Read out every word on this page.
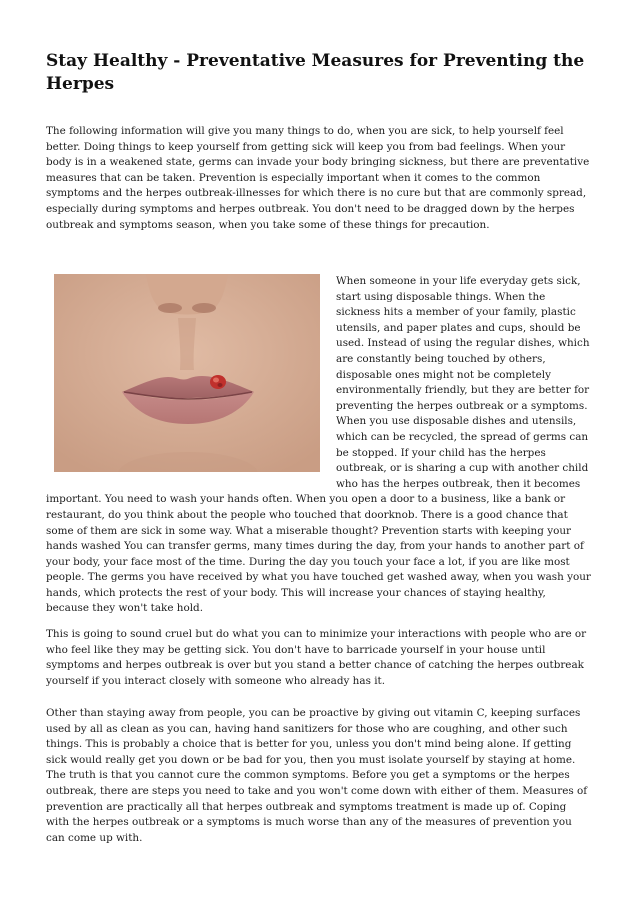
Stay Healthy - Preventative Measures for Preventing the Herpes

The following information will give you many things to do, when you are sick, to help yourself feel better. Doing things to keep yourself from getting sick will keep you from bad feelings. When your body is in a weakened state, germs can invade your body bringing sickness, but there are preventative measures that can be taken. Prevention is especially important when it comes to the common symptoms and the herpes outbreak-illnesses for which there is no cure but that are commonly spread, especially during symptoms and herpes outbreak. You don't need to be dragged down by the herpes outbreak and symptoms season, when you take some of these things for precaution.

When someone in your life everyday gets sick, start using disposable things. When the sickness hits a member of your family, plastic utensils, and paper plates and cups, should be used. Instead of using the regular dishes, which are constantly being touched by others, disposable ones might not be completely environmentally friendly, but they are better for preventing the herpes outbreak or a symptoms. When you use disposable dishes and utensils, which can be recycled, the spread of germs can be stopped. If your child has the herpes outbreak, or is sharing a cup with another child who has the herpes outbreak, then it becomes important. You need to wash your hands often. When you open a door to a business, like a bank or restaurant, do you think about the people who touched that doorknob. There is a good chance that some of them are sick in some way. What a miserable thought? Prevention starts with keeping your hands washed You can transfer germs, many times during the day, from your hands to another part of your body, your face most of the time. During the day you touch your face a lot, if you are like most people. The germs you have received by what you have touched get washed away, when you wash your hands, which protects the rest of your body. This will increase your chances of staying healthy, because they won't take hold.

This is going to sound cruel but do what you can to minimize your interactions with people who are or who feel like they may be getting sick. You don't have to barricade yourself in your house until symptoms and herpes outbreak is over but you stand a better chance of catching the herpes outbreak yourself if you interact closely with someone who already has it.

Other than staying away from people, you can be proactive by giving out vitamin C, keeping surfaces used by all as clean as you can, having hand sanitizers for those who are coughing, and other such things. This is probably a choice that is better for you, unless you don't mind being alone. If getting sick would really get you down or be bad for you, then you must isolate yourself by staying at home. The truth is that you cannot cure the common symptoms. Before you get a symptoms or the herpes outbreak, there are steps you need to take and you won't come down with either of them. Measures of prevention are practically all that herpes outbreak and symptoms treatment is made up of. Coping with the herpes outbreak or a symptoms is much worse than any of the measures of prevention you can come up with.
